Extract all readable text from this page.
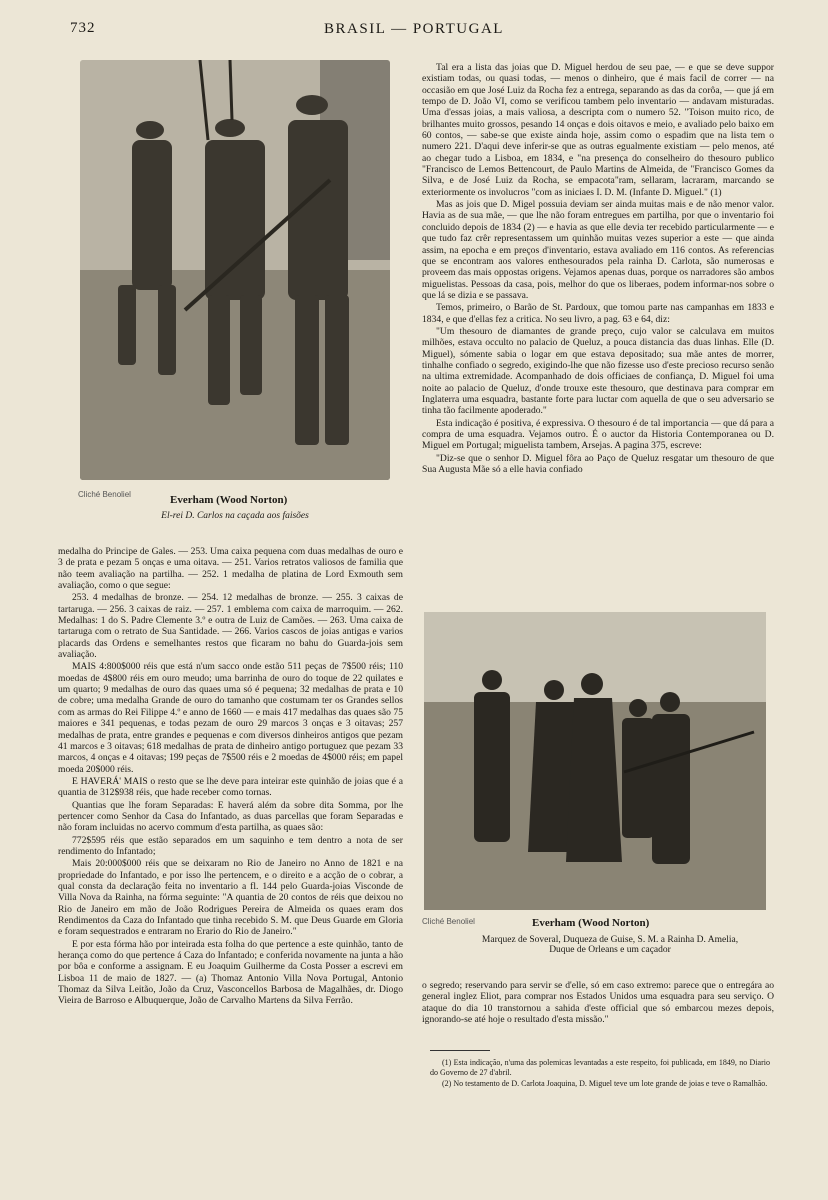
732	BRASIL — PORTUGAL
Cliché Benoliel	Everham (Wood Norton)
El-rei D. Carlos na caçada aos faisões
Cliché Benoliel	Everham (Wood Norton)
Marquez de Soveral, Duqueza de Guise, S. M. a Rainha D. Amelia,
Duque de Orleans e um caçador

Tal era a lista das joias que D. Miguel herdou de seu pae, — e que se deve suppor existiam todas, ou quasi todas, — menos o dinheiro, que é mais facil de correr — na occasião em que José Luiz da Rocha fez a entrega, separando as das da corôa, — que já em tempo de D. João VI, como se verificou tambem pelo inventario — andavam misturadas. Uma d'essas joias, a mais valiosa, a descripta com o numero 52. "Toison muito rico, de brilhantes muito grossos, pesando 14 onças e dois oitavos e meio, e avaliado pelo baixo em 60 contos, — sabe-se que existe ainda hoje, assim como o espadim que na lista tem o numero 221. D'aqui deve inferir-se que as outras egualmente existiam — pelo menos, até ao chegar tudo a Lisboa, em 1834, e "na presença do conselheiro do thesouro publico "Francisco de Lemos Bettencourt, de Paulo Martins de Almeida, de "Francisco Gomes da Silva, e de José Luiz da Rocha, se empacota"ram, sellaram, lacraram, marcando se exteriormente os involucros "com as iniciaes I. D. M. (Infante D. Miguel." (1)

Mas as jois que D. Migel possuia deviam ser ainda muitas mais e de não menor valor. Havia as de sua mãe, — que lhe não foram entregues em partilha, por que o inventario foi concluido depois de 1834 (2) — e havia as que elle devia ter recebido particularmente — e que tudo faz crêr representassem um quinhão muitas vezes superior a este — que ainda assim, na epocha e em preços d'inventario, estava avaliado em 116 contos. As referencias que se encontram aos valores enthesourados pela rainha D. Carlota, são numerosas e proveem das mais oppostas origens. Vejamos apenas duas, porque os narradores são ambos miguelistas. Pessoas da casa, pois, melhor do que os liberaes, podem informar-nos sobre o que lá se dizia e se passava.

Temos, primeiro, o Barão de St. Pardoux, que tomou parte nas campanhas em 1833 e 1834, e que d'ellas fez a critica. No seu livro, a pag. 63 e 64, diz:

"Um thesouro de diamantes de grande preço, cujo valor se calculava em muitos milhões, estava occulto no palacio de Queluz, a pouca distancia das duas linhas. Elle (D. Miguel), sómente sabia o logar em que estava depositado; sua mãe antes de morrer, tinhalhe confiado o segredo, exigindo-lhe que não fizesse uso d'este precioso recurso senão na ultima extremidade. Acompanhado de dois officiaes de confiança, D. Miguel foi uma noite ao palacio de Queluz, d'onde trouxe este thesouro, que destinava para comprar em Inglaterra uma esquadra, bastante forte para luctar com aquella de que o seu adversario se tinha tão facilmente apoderado."

Esta indicação é positiva, é expressiva. O thesouro é de tal importancia — que dá para a compra de uma esquadra. Vejamos outro. É o auctor da Historia Contemporanea ou D. Miguel em Portugal; miguelista tambem, Arsejas. A pagina 375, escreve:

"Diz-se que o senhor D. Miguel fôra ao Paço de Queluz resgatar um thesouro de que Sua Augusta Mãe só a elle havia confiado

o segredo; reservando para servir se d'elle, só em caso extremo: parece que o entregára ao general inglez Eliot, para comprar nos Estados Unidos uma esquadra para seu serviço. O ataque do dia 10 transtornou a sahida d'este official que só embarcou mezes depois, ignorando-se até hoje o resultado d'esta missão."

medalha do Principe de Gales. — 253. Uma caixa pequena com duas medalhas de ouro e 3 de prata e pezam 5 onças e uma oitava. — 251. Varios retratos valiosos de familia que não teem avaliação na partilha. — 252. 1 medalha de platina de Lord Exmouth sem avaliação, como o que segue:

253. 4 medalhas de bronze. — 254. 12 medalhas de bronze. — 255. 3 caixas de tartaruga. — 256. 3 caixas de raiz. — 257. 1 emblema com caixa de marroquim. — 262. Medalhas: 1 do S. Padre Clemente 3.º e outra de Luiz de Camões. — 263. Uma caixa de tartaruga com o retrato de Sua Santidade. — 266. Varios cascos de joias antigas e varios placards das Ordens e semelhantes restos que ficaram no bahu do Guarda-jois sem avaliação.

MAIS 4:800$000 réis que está n'um sacco onde estão 511 peças de 7$500 réis; 110 moedas de 4$800 réis em ouro meudo; uma barrinha de ouro do toque de 22 quilates e um quarto; 9 medalhas de ouro das quaes uma só é pequena; 32 medalhas de prata e 10 de cobre; uma medalha Grande de ouro do tamanho que costumam ter os Grandes sellos com as armas do Rei Filippe 4.º e anno de 1660 — e mais 417 medalhas das quaes são 75 maiores e 341 pequenas, e todas pezam de ouro 29 marcos 3 onças e 3 oitavas; 257 medalhas de prata, entre grandes e pequenas e com diversos dinheiros antigos que pezam 41 marcos e 3 oitavas; 618 medalhas de prata de dinheiro antigo portuguez que pezam 33 marcos, 4 onças e 4 oitavas; 199 peças de 7$500 réis e 2 moedas de 4$000 réis; em papel moeda 20$000 réis.

E HAVERÁ' MAIS o resto que se lhe deve para inteirar este quinhão de joias que é a quantia de 312$938 réis, que hade receber como tornas.

Quantias que lhe foram Separadas: E haverá além da sobre dita Somma, por lhe pertencer como Senhor da Casa do Infantado, as duas parcellas que foram Separadas e não foram incluidas no acervo commum d'esta partilha, as quaes são:

772$595 réis que estão separados em um saquinho e tem dentro a nota de ser rendimento do Infantado;

Mais 20:000$000 réis que se deixaram no Rio de Janeiro no Anno de 1821 e na propriedade do Infantado, e por isso lhe pertencem, e o direito e a acção de o cobrar, a qual consta da declaração feita no inventario a fl. 144 pelo Guarda-joias Visconde de Villa Nova da Rainha, na fórma seguinte: "A quantia de 20 contos de réis que deixou no Rio de Janeiro em mão de João Rodrigues Pereira de Almeida os quaes eram dos Rendimentos da Caza do Infantado que tinha recebido S. M. que Deus Guarde em Gloria e foram sequestrados e entraram no Erario do Rio de Janeiro."

E por esta fórma hão por inteirada esta folha do que pertence a este quinhão, tanto de herança como do que pertence á Caza do Infantado; e conferida novamente na junta a hão por bôa e conforme a assignam. E eu Joaquim Guilherme da Costa Posser a escrevi em Lisboa 11 de maio de 1827. — (a) Thomaz Antonio Villa Nova Portugal, Antonio Thomaz da Silva Leitão, João da Cruz, Vasconcellos Barbosa de Magalhães, dr. Diogo Vieira de Barroso e Albuquerque, João de Carvalho Martens da Silva Ferrão.

(1) Esta indicação, n'uma das polemicas levantadas a este respeito, foi publicada, em 1849, no Diario do Governo de 27 d'abril.

(2) No testamento de D. Carlota Joaquina, D. Miguel teve um lote grande de joias e teve o Ramalhão.
